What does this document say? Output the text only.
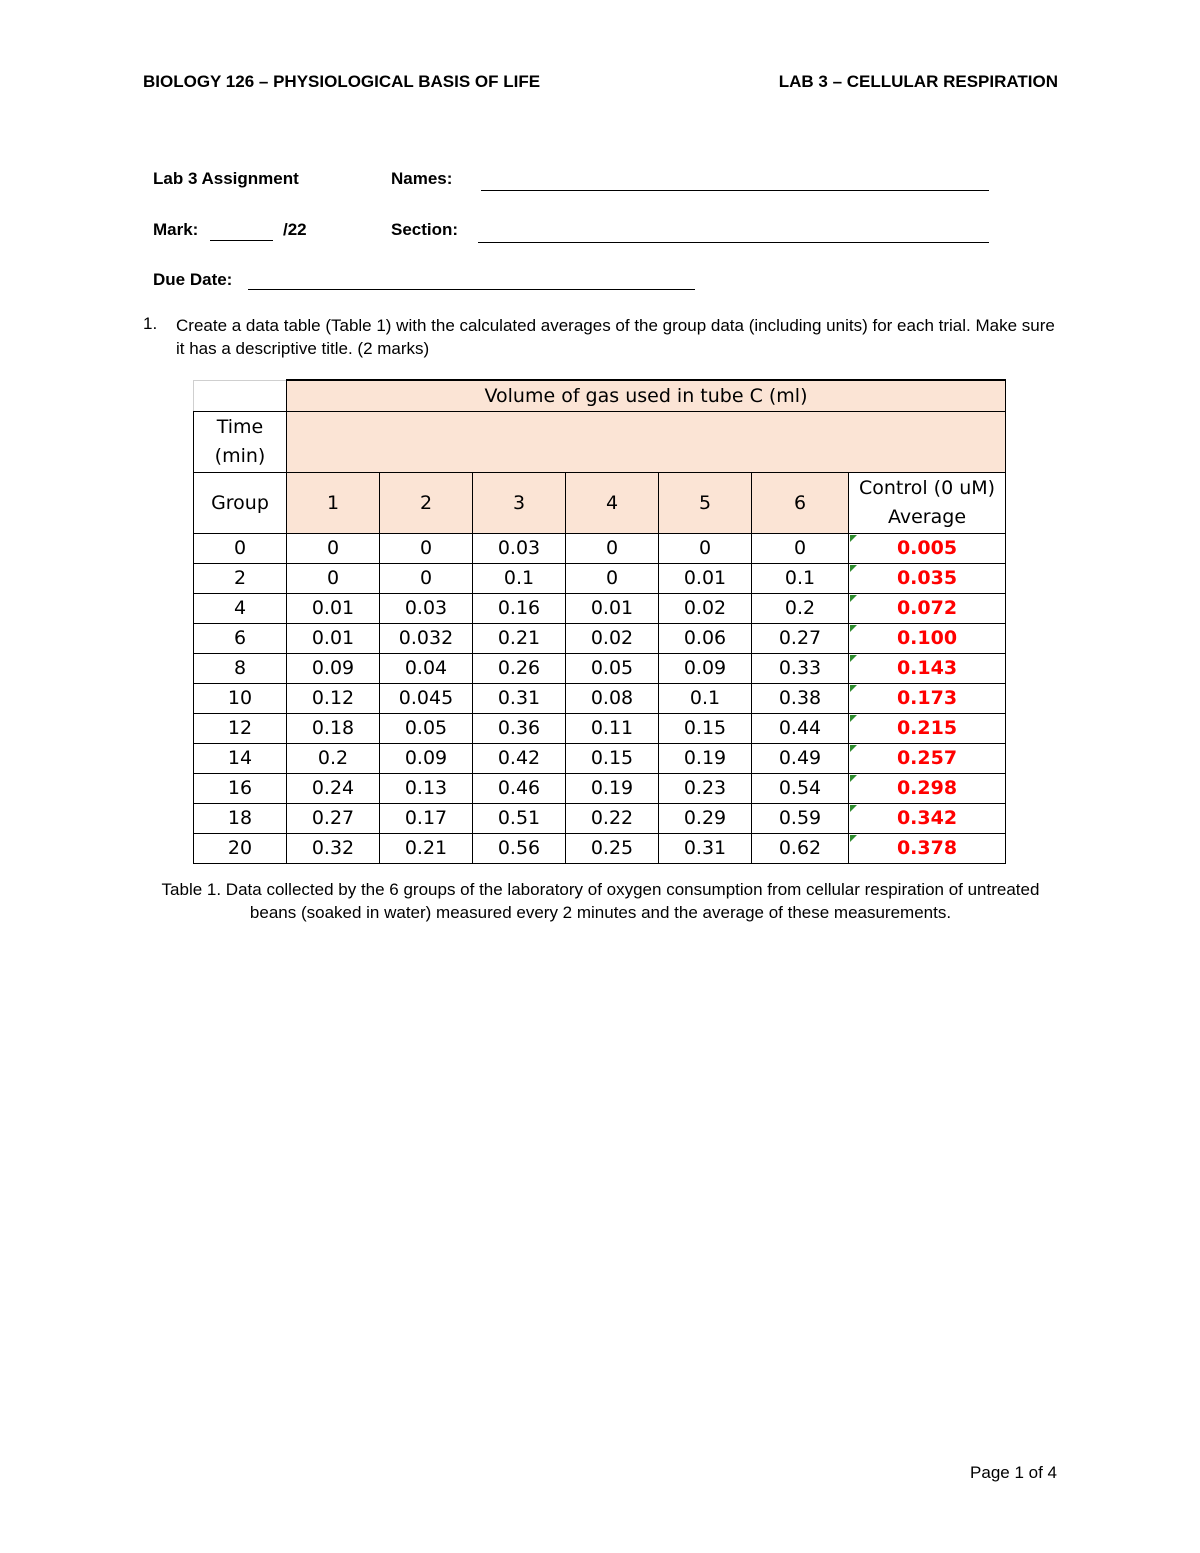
BIOLOGY 126 – PHYSIOLOGICAL BASIS OF LIFE	LAB 3 – CELLULAR RESPIRATION
Lab 3 Assignment	Names:
Mark:	/22	Section:
Due Date:
1. Create a data table (Table 1) with the calculated averages of the group data (including units) for each trial. Make sure it has a descriptive title. (2 marks)
	Volume of gas used in tube C (ml)						

Time
(min)							

Group	1	2	3	4	5	6	Control (0 uM)
Average

0	0	0	0.03	0	0	0	0.005
2	0	0	0.1	0	0.01	0.1	0.035
4	0.01	0.03	0.16	0.01	0.02	0.2	0.072
6	0.01	0.032	0.21	0.02	0.06	0.27	0.100
8	0.09	0.04	0.26	0.05	0.09	0.33	0.143
10	0.12	0.045	0.31	0.08	0.1	0.38	0.173
12	0.18	0.05	0.36	0.11	0.15	0.44	0.215
14	0.2	0.09	0.42	0.15	0.19	0.49	0.257
16	0.24	0.13	0.46	0.19	0.23	0.54	0.298
18	0.27	0.17	0.51	0.22	0.29	0.59	0.342
20	0.32	0.21	0.56	0.25	0.31	0.62	0.378
Table 1. Data collected by the 6 groups of the laboratory of oxygen consumption from cellular respiration of untreated beans (soaked in water) measured every 2 minutes and the average of these measurements.
Page 1 of 4
